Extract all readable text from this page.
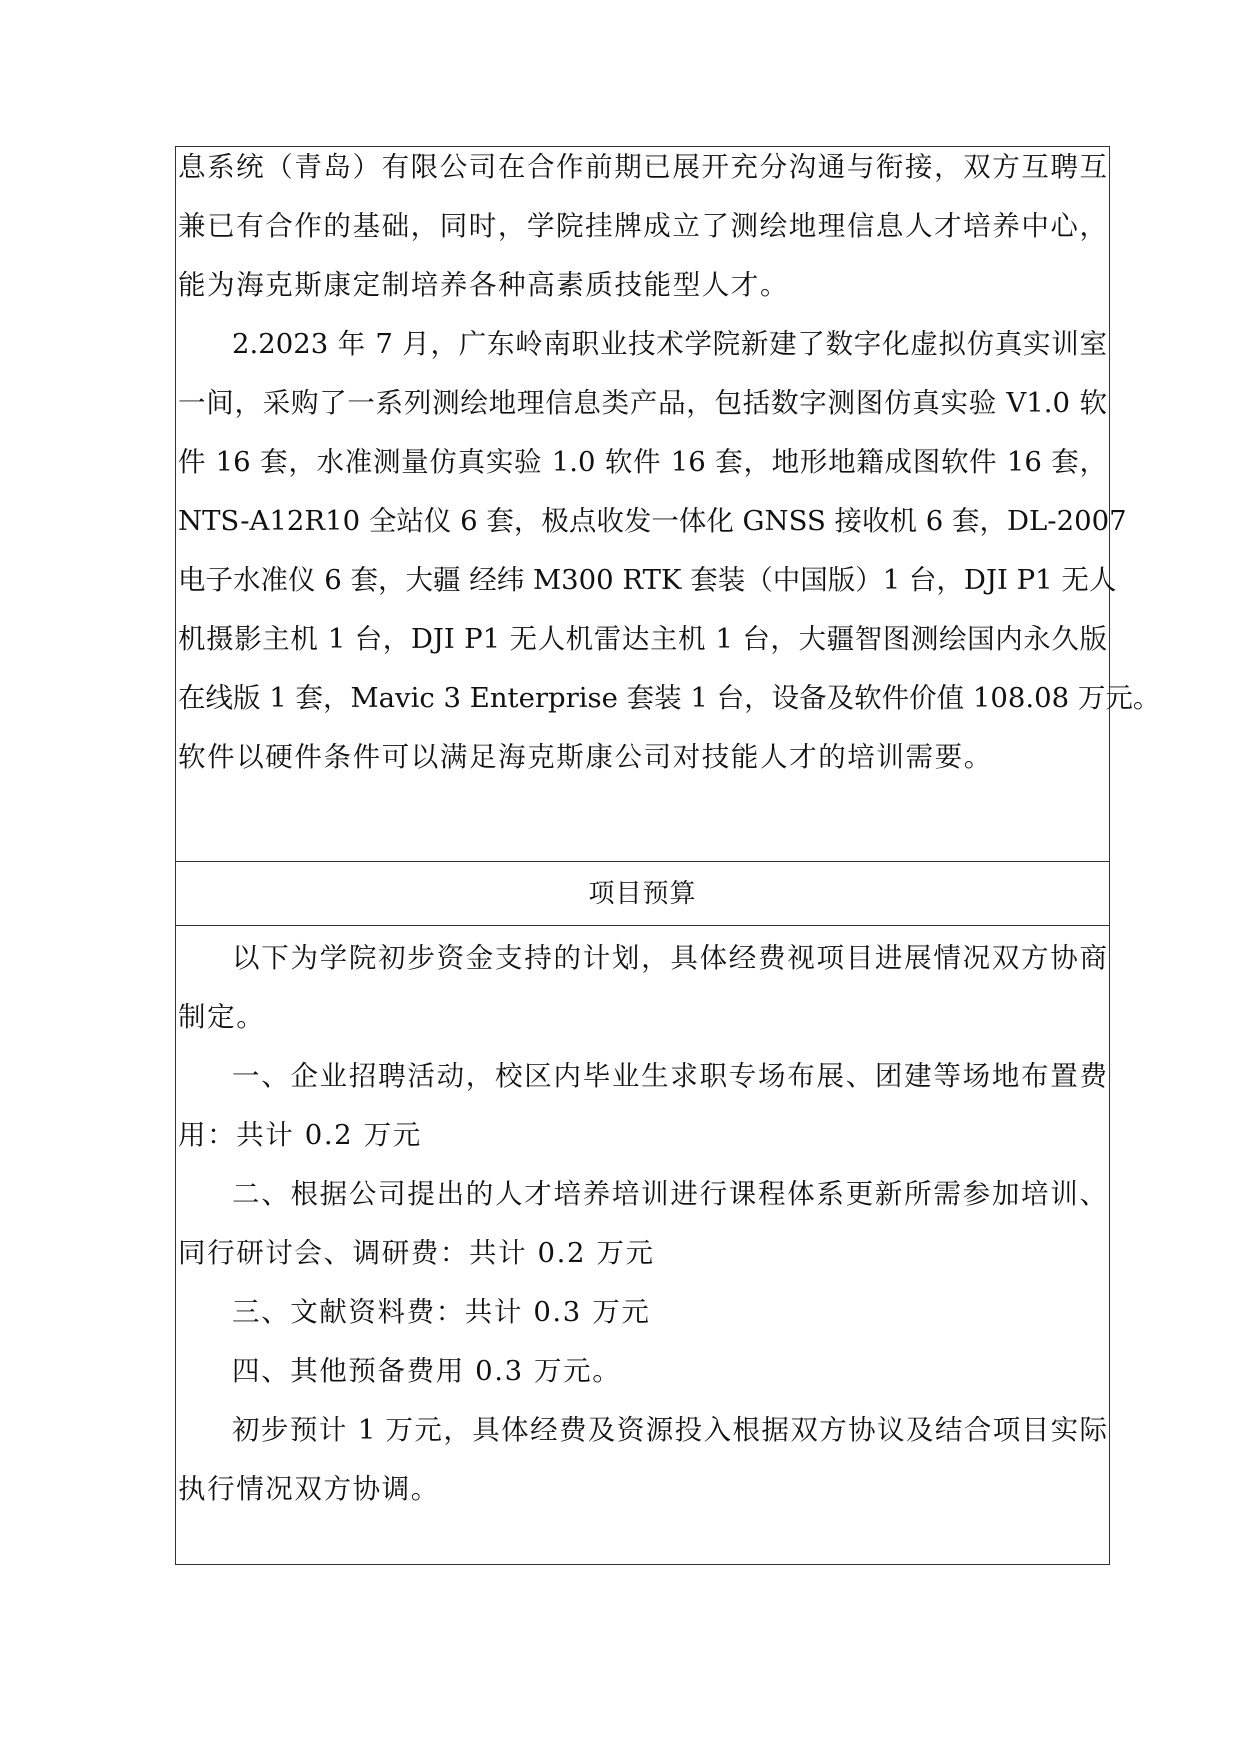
息系统（青岛）有限公司在合作前期已展开充分沟通与衔接，双方互聘互
兼已有合作的基础，同时，学院挂牌成立了测绘地理信息人才培养中心，
能为海克斯康定制培养各种高素质技能型人才。
2.2023 年 7 月，广东岭南职业技术学院新建了数字化虚拟仿真实训室
一间，采购了一系列测绘地理信息类产品，包括数字测图仿真实验 V1.0 软
件 16 套，水准测量仿真实验 1.0 软件 16 套，地形地籍成图软件 16 套，
NTS-A12R10 全站仪 6 套，极点收发一体化 GNSS 接收机 6 套，DL-2007
电子水准仪 6 套，大疆 经纬 M300 RTK 套装（中国版）1 台，DJI P1 无人
机摄影主机 1 台，DJI P1 无人机雷达主机 1 台，大疆智图测绘国内永久版
在线版 1 套，Mavic 3 Enterprise 套装 1 台，设备及软件价值 108.08 万元。
软件以硬件条件可以满足海克斯康公司对技能人才的培训需要。
项目预算
以下为学院初步资金支持的计划，具体经费视项目进展情况双方协商
制定。
一、企业招聘活动，校区内毕业生求职专场布展、团建等场地布置费
用：共计 0.2 万元
二、根据公司提出的人才培养培训进行课程体系更新所需参加培训、
同行研讨会、调研费：共计 0.2 万元
三、文献资料费：共计 0.3 万元
四、其他预备费用 0.3 万元。
初步预计 1 万元，具体经费及资源投入根据双方协议及结合项目实际
执行情况双方协调。
